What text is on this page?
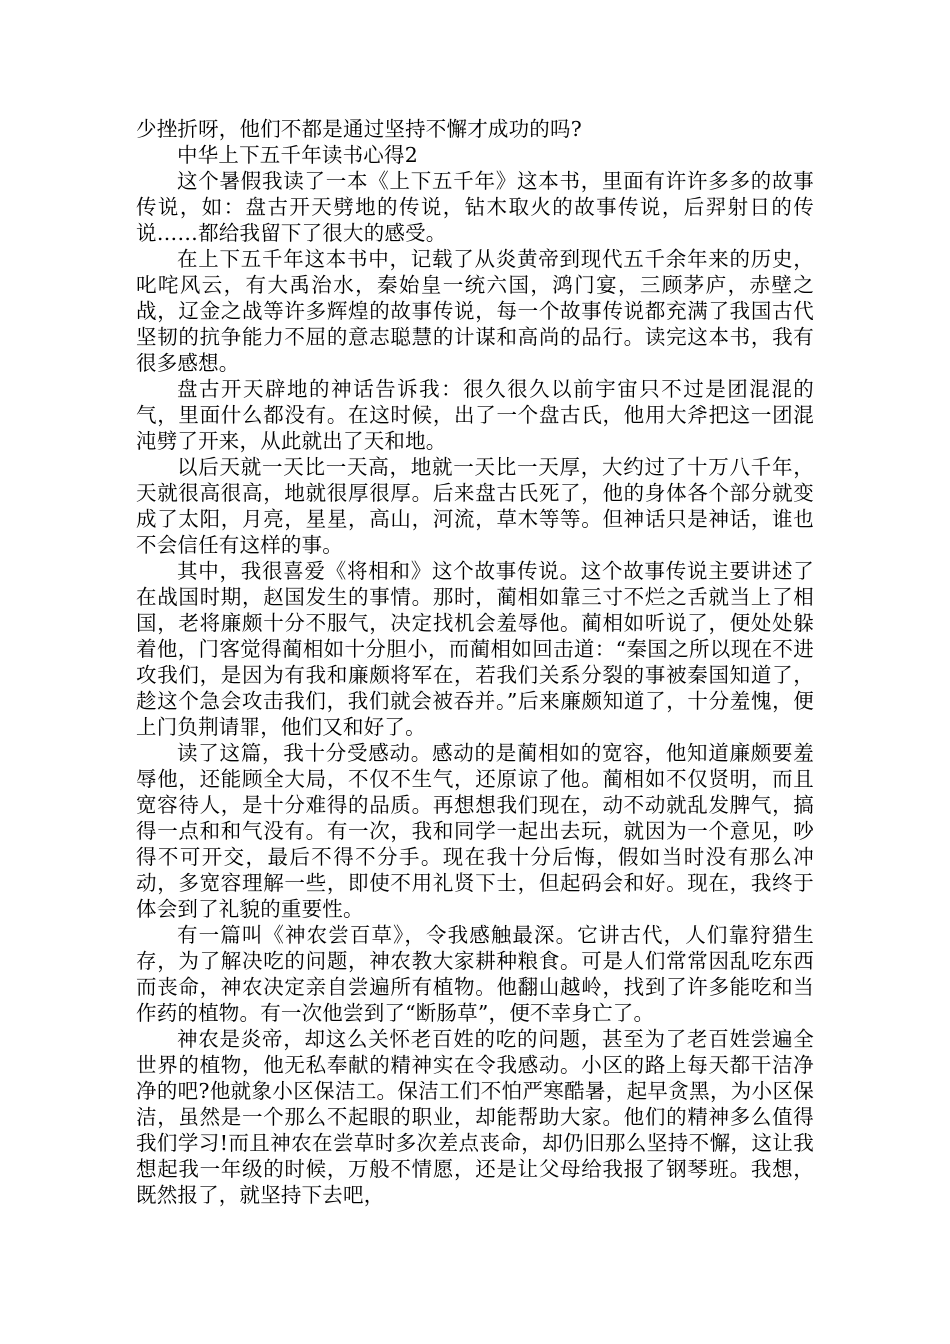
少挫折呀，他们不都是通过坚持不懈才成功的吗?

中华上下五千年读书心得2

这个暑假我读了一本《上下五千年》这本书，里面有许许多多的故事传说，如：盘古开天劈地的传说，钻木取火的故事传说，后羿射日的传说……都给我留下了很大的感受。

在上下五千年这本书中，记载了从炎黄帝到现代五千余年来的历史，叱咤风云，有大禹治水，秦始皇一统六国，鸿门宴，三顾茅庐，赤壁之战，辽金之战等许多辉煌的故事传说，每一个故事传说都充满了我国古代坚韧的抗争能力不屈的意志聪慧的计谋和高尚的品行。读完这本书，我有很多感想。

盘古开天辟地的神话告诉我：很久很久以前宇宙只不过是团混混的气，里面什么都没有。在这时候，出了一个盘古氏，他用大斧把这一团混沌劈了开来，从此就出了天和地。

以后天就一天比一天高，地就一天比一天厚，大约过了十万八千年，天就很高很高，地就很厚很厚。后来盘古氏死了，他的身体各个部分就变成了太阳，月亮，星星，高山，河流，草木等等。但神话只是神话，谁也不会信任有这样的事。

其中，我很喜爱《将相和》这个故事传说。这个故事传说主要讲述了在战国时期，赵国发生的事情。那时，蔺相如靠三寸不烂之舌就当上了相国，老将廉颇十分不服气，决定找机会羞辱他。蔺相如听说了，便处处躲着他，门客觉得蔺相如十分胆小，而蔺相如回击道：“秦国之所以现在不进攻我们，是因为有我和廉颇将军在，若我们关系分裂的事被秦国知道了，趁这个急会攻击我们，我们就会被吞并。”后来廉颇知道了，十分羞愧，便上门负荆请罪，他们又和好了。

读了这篇，我十分受感动。感动的是蔺相如的宽容，他知道廉颇要羞辱他，还能顾全大局，不仅不生气，还原谅了他。蔺相如不仅贤明，而且宽容待人，是十分难得的品质。再想想我们现在，动不动就乱发脾气，搞得一点和和气没有。有一次，我和同学一起出去玩，就因为一个意见，吵得不可开交，最后不得不分手。现在我十分后悔，假如当时没有那么冲动，多宽容理解一些，即使不用礼贤下士，但起码会和好。现在，我终于体会到了礼貌的重要性。

有一篇叫《神农尝百草》，令我感触最深。它讲古代，人们靠狩猎生存，为了解决吃的问题，神农教大家耕种粮食。可是人们常常因乱吃东西而丧命，神农决定亲自尝遍所有植物。他翻山越岭，找到了许多能吃和当作药的植物。有一次他尝到了“断肠草”，便不幸身亡了。

神农是炎帝，却这么关怀老百姓的吃的问题，甚至为了老百姓尝遍全世界的植物，他无私奉献的精神实在令我感动。小区的路上每天都干洁净净的吧?他就象小区保洁工。保洁工们不怕严寒酷暑，起早贪黑，为小区保洁，虽然是一个那么不起眼的职业，却能帮助大家。他们的精神多么值得我们学习!而且神农在尝草时多次差点丧命，却仍旧那么坚持不懈，这让我想起我一年级的时候，万般不情愿，还是让父母给我报了钢琴班。我想，既然报了，就坚持下去吧，
